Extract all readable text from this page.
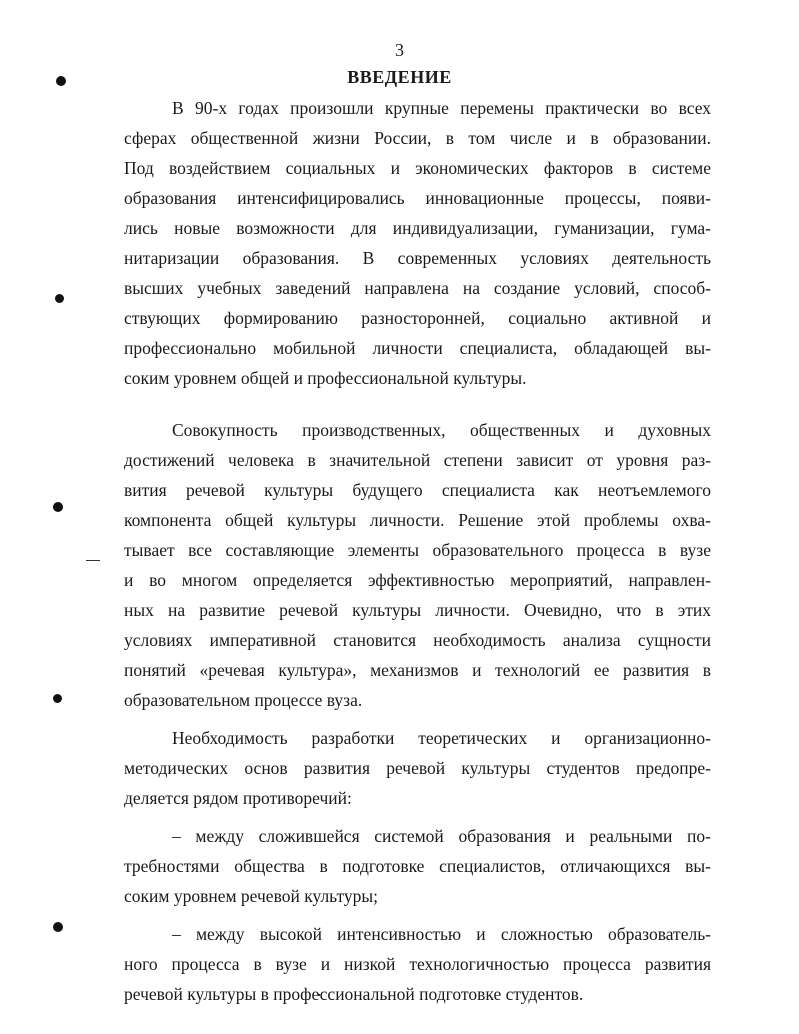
3
ВВЕДЕНИЕ
В 90-х годах произошли крупные перемены практически во всех
сферах общественной жизни России, в том числе и в образовании.
Под воздействием социальных и экономических факторов в системе
образования интенсифицировались инновационные процессы, появи-
лись новые возможности для индивидуализации, гуманизации, гума-
нитаризации образования. В современных условиях деятельность
высших учебных заведений направлена на создание условий, способ-
ствующих формированию разносторонней, социально активной и
профессионально мобильной личности специалиста, обладающей вы-
соким уровнем общей и профессиональной культуры.
Совокупность производственных, общественных и духовных
достижений человека в значительной степени зависит от уровня раз-
вития речевой культуры будущего специалиста как неотъемлемого
компонента общей культуры личности. Решение этой проблемы охва-
тывает все составляющие элементы образовательного процесса в вузе
и во многом определяется эффективностью мероприятий, направлен-
ных на развитие речевой культуры личности. Очевидно, что в этих
условиях императивной становится необходимость анализа сущности
понятий «речевая культура», механизмов и технологий ее развития в
образовательном процессе вуза.
Необходимость разработки теоретических и организационно-
методических основ развития речевой культуры студентов предопре-
деляется рядом противоречий:
– между сложившейся системой образования и реальными по-
требностями общества в подготовке специалистов, отличающихся вы-
соким уровнем речевой культуры;
– между высокой интенсивностью и сложностью образователь-
ного процесса в вузе и низкой технологичностью процесса развития
речевой культуры в профессиональной подготовке студентов.
